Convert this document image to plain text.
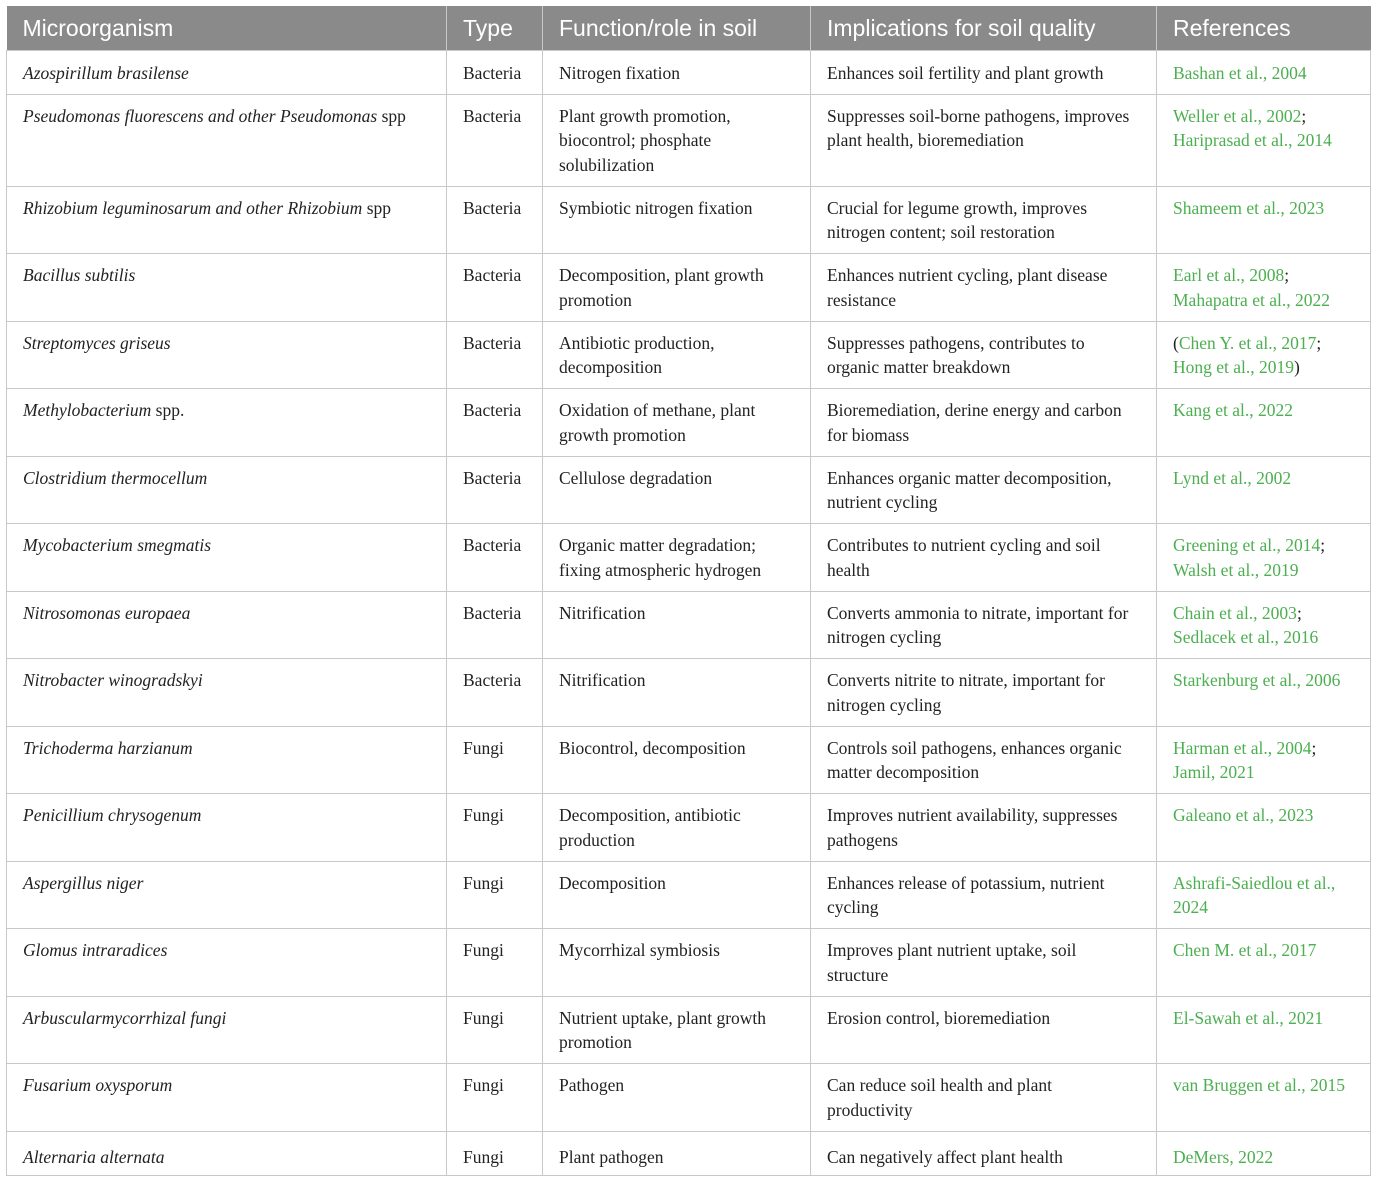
Microorganism	Type	Function/role in soil	Implications for soil quality	References
Azospirillum brasilense	Bacteria	Nitrogen fixation	Enhances soil fertility and plant growth	Bashan et al., 2004
Pseudomonas fluorescens and other Pseudomonas spp	Bacteria	Plant growth promotion, biocontrol; phosphate solubilization	Suppresses soil-borne pathogens, improves plant health, bioremediation	Weller et al., 2002;
Hariprasad et al., 2014
Rhizobium leguminosarum and other Rhizobium spp	Bacteria	Symbiotic nitrogen fixation	Crucial for legume growth, improves nitrogen content; soil restoration	Shameem et al., 2023
Bacillus subtilis	Bacteria	Decomposition, plant growth promotion	Enhances nutrient cycling, plant disease resistance	Earl et al., 2008;
Mahapatra et al., 2022
Streptomyces griseus	Bacteria	Antibiotic production, decomposition	Suppresses pathogens, contributes to organic matter breakdown	(Chen Y. et al., 2017;
Hong et al., 2019)
Methylobacterium spp.	Bacteria	Oxidation of methane, plant growth promotion	Bioremediation, derine energy and carbon for biomass	Kang et al., 2022
Clostridium thermocellum	Bacteria	Cellulose degradation	Enhances organic matter decomposition, nutrient cycling	Lynd et al., 2002
Mycobacterium smegmatis	Bacteria	Organic matter degradation; fixing atmospheric hydrogen	Contributes to nutrient cycling and soil health	Greening et al., 2014;
Walsh et al., 2019
Nitrosomonas europaea	Bacteria	Nitrification	Converts ammonia to nitrate, important for nitrogen cycling	Chain et al., 2003;
Sedlacek et al., 2016
Nitrobacter winogradskyi	Bacteria	Nitrification	Converts nitrite to nitrate, important for nitrogen cycling	Starkenburg et al., 2006
Trichoderma harzianum	Fungi	Biocontrol, decomposition	Controls soil pathogens, enhances organic matter decomposition	Harman et al., 2004;
Jamil, 2021
Penicillium chrysogenum	Fungi	Decomposition, antibiotic production	Improves nutrient availability, suppresses pathogens	Galeano et al., 2023
Aspergillus niger	Fungi	Decomposition	Enhances release of potassium, nutrient cycling	Ashrafi-Saiedlou et al., 2024
Glomus intraradices	Fungi	Mycorrhizal symbiosis	Improves plant nutrient uptake, soil structure	Chen M. et al., 2017
Arbuscularmycorrhizal fungi	Fungi	Nutrient uptake, plant growth promotion	Erosion control, bioremediation	El-Sawah et al., 2021
Fusarium oxysporum	Fungi	Pathogen	Can reduce soil health and plant productivity	van Bruggen et al., 2015
Alternaria alternata	Fungi	Plant pathogen	Can negatively affect plant health	DeMers, 2022
